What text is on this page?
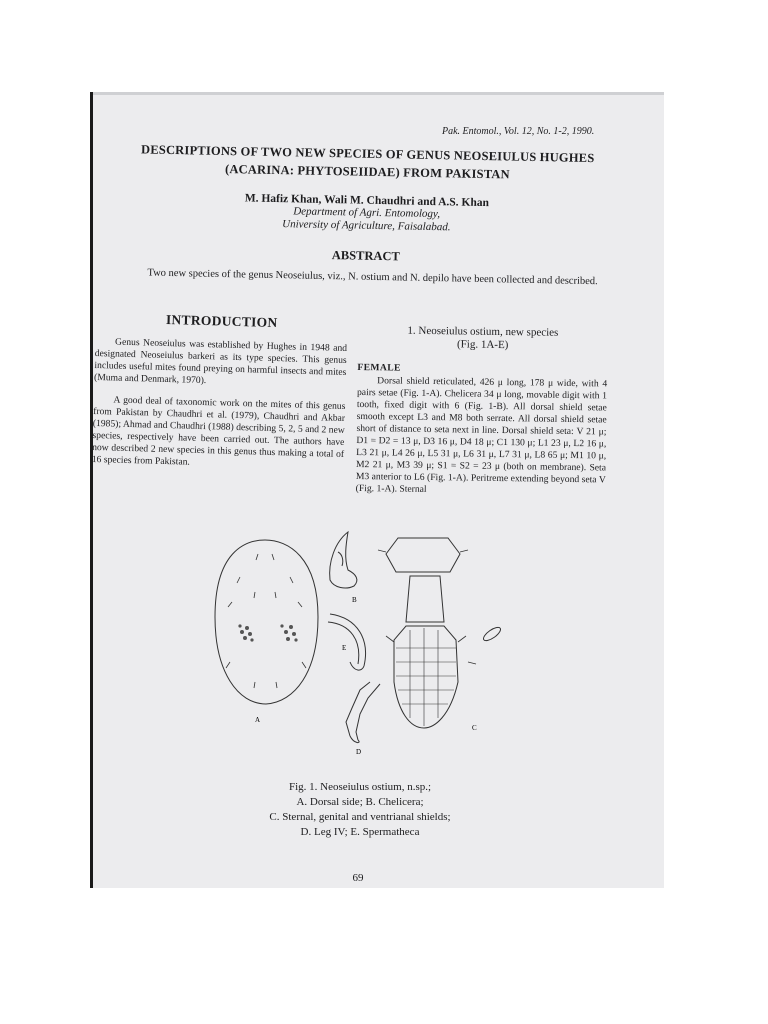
Pak. Entomol., Vol. 12, No. 1-2, 1990.
DESCRIPTIONS OF TWO NEW SPECIES OF GENUS NEOSEIULUS HUGHES
(ACARINA: PHYTOSEIIDAE) FROM PAKISTAN
M. Hafiz Khan, Wali M. Chaudhri and A.S. Khan
Department of Agri. Entomology,
University of Agriculture, Faisalabad.
ABSTRACT
Two new species of the genus Neoseiulus, viz., N. ostium and N. depilo have been collected and described.
INTRODUCTION

Genus Neoseiulus was established by Hughes in 1948 and designated Neoseiulus barkeri as its type species. This genus includes useful mites found preying on harmful insects and mites (Muma and Denmark, 1970).

A good deal of taxonomic work on the mites of this genus from Pakistan by Chaudhri et al. (1979), Chaudhri and Akbar (1985); Ahmad and Chaudhri (1988) describing 5, 2, 5 and 2 new species, respectively have been carried out. The authors have now described 2 new species in this genus thus making a total of 16 species from Pakistan.

1. Neoseiulus ostium, new species
(Fig. 1A-E)
FEMALE

Dorsal shield reticulated, 426 μ long, 178 μ wide, with 4 pairs setae (Fig. 1-A). Chelicera 34 μ long, movable digit with 1 tooth, fixed digit with 6 (Fig. 1-B). All dorsal shield setae smooth except L3 and M8 both serrate. All dorsal shield setae short of distance to seta next in line. Dorsal shield seta: V 21 μ; D1 = D2 = 13 μ, D3 16 μ, D4 18 μ; C1 130 μ; L1 23 μ, L2 16 μ, L3 21 μ, L4 26 μ, L5 31 μ, L6 31 μ, L7 31 μ, L8 65 μ; M1 10 μ, M2 21 μ, M3 39 μ; S1 = S2 = 23 μ (both on membrane). Seta M3 anterior to L6 (Fig. 1-A). Peritreme extending beyond seta V (Fig. 1-A). Sternal

A
B
E
D
C
Fig. 1. Neoseiulus ostium, n.sp.;
A. Dorsal side; B. Chelicera;
C. Sternal, genital and ventrianal shields;
D. Leg IV; E. Spermatheca
69
